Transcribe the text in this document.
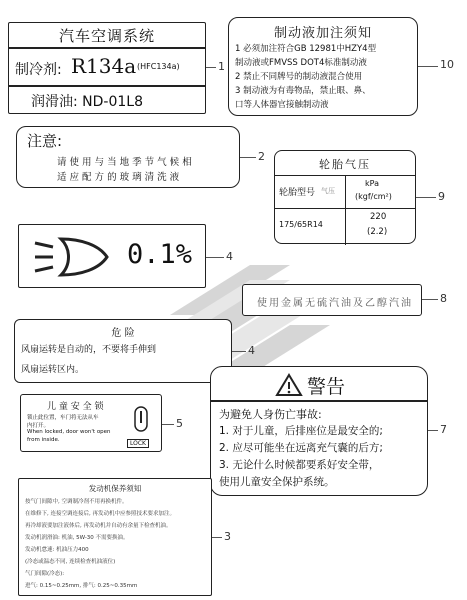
汽车空调系统
制冷剂: R134a (HFC134a)
润滑油: ND-01L8
1
制动液加注须知
1 必须加注符合GB 12981中HZY4型
制动液或FMVSS DOT4标准制动液
2 禁止不同牌号的制动液混合使用
3 制动液为有毒物品，禁止眼、鼻、
口等人体器官接触制动液
10
注意:
请 使 用 与 当 地 季 节 气 候 相
适 应 配 方 的 玻 璃 清 洗 液
2
轮胎气压
轮胎型号 气压
kPa
(kgf/cm²)
175/65R14
220
(2.2)
9
0.1%	4
使用金属无硫汽油及乙醇汽油 8
危 险
风扇运转是自动的，不要将手伸到
风扇运转区内。
4
儿 童 安 全 锁
锁止此位置，车门将无法从车
内打开。
When locked, door won't open
from inside.	LOCK
5
警告
为避免人身伤亡事故:
1. 对于儿童，后排座位是最安全的;
2. 应尽可能坐在远离充气囊的后方;
3. 无论什么时候都要系好安全带，
使用儿童安全保护系统。
7
发动机保养须知
按气门间隙中, 空调制冷剂不用再换机件。
在维修下, 连接空调连接后, 再发动机中应参照技术要求加注。
再冷却液要加注液体后, 再发动机并自动有余量下检查机油。
发动机润滑油: 机油, 5W-30 不需要换油。
发动机怠速: 机油压力400
(冷态或温态不同, 连续检查机油液位)
气门间隙(冷态):
进气: 0.15~0.25mm, 排气: 0.25~0.35mm
3
